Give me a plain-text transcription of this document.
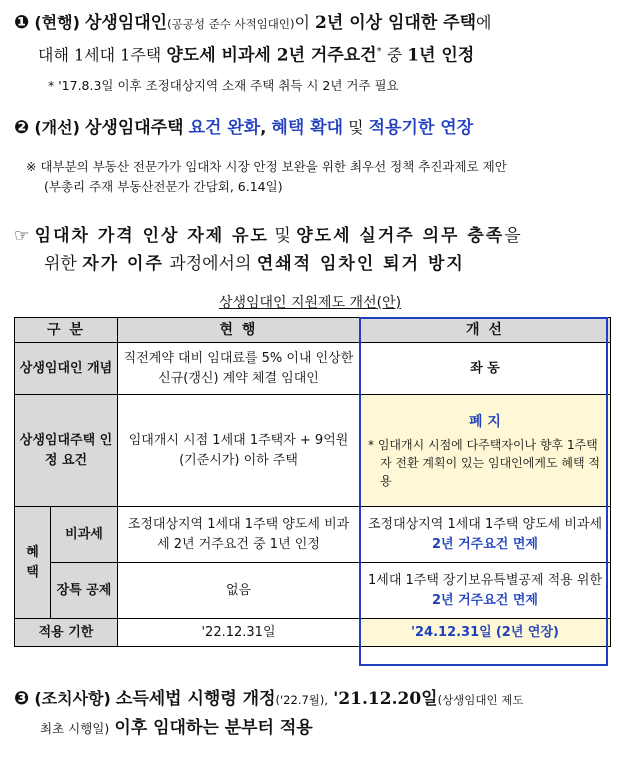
❶ (현행) 상생임대인(공공성 준수 사적임대인)이 2년 이상 임대한 주택에
대해 1세대 1주택 양도세 비과세 2년 거주요건* 중 1년 인정
* '17.8.3일 이후 조정대상지역 소재 주택 취득 시 2년 거주 필요
❷ (개선) 상생임대주택 요건 완화, 혜택 확대 및 적용기한 연장
※ 대부분의 부동산 전문가가 임대차 시장 안정 보완을 위한 최우선 정책 추진과제로 제안
(부총리 주재 부동산전문가 간담회, 6.14일)
☞ 임대차 가격 인상 자제 유도 및 양도세 실거주 의무 충족을
위한 자가 이주 과정에서의 연쇄적 임차인 퇴거 방지
상생임대인 지원제도 개선(안)
구 분		현 행	개 선
상생임대인 개념		직전계약 대비 임대료를 5% 이내 인상한 신규(갱신) 계약 체결 임대인	좌 동
상생임대주택 인정 요건		임대개시 시점 1세대 1주택자 + 9억원(기준시가) 이하 주택	폐 지
* 임대개시 시점에 다주택자이나 향후 1주택자 전환 계획이 있는 임대인에게도 혜택 적용

혜 택	비과세	조정대상지역 1세대 1주택 양도세 비과세 2년 거주요건 중 1년 인정	조정대상지역 1세대 1주택 양도세 비과세 2년 거주요건 면제
	장특 공제	없음	1세대 1주택 장기보유특별공제 적용 위한 2년 거주요건 면제
적용 기한		'22.12.31일	'24.12.31일 (2년 연장)
❸ (조치사항) 소득세법 시행령 개정('22.7월), '21.12.20일(상생임대인 제도
최초 시행일) 이후 임대하는 분부터 적용
